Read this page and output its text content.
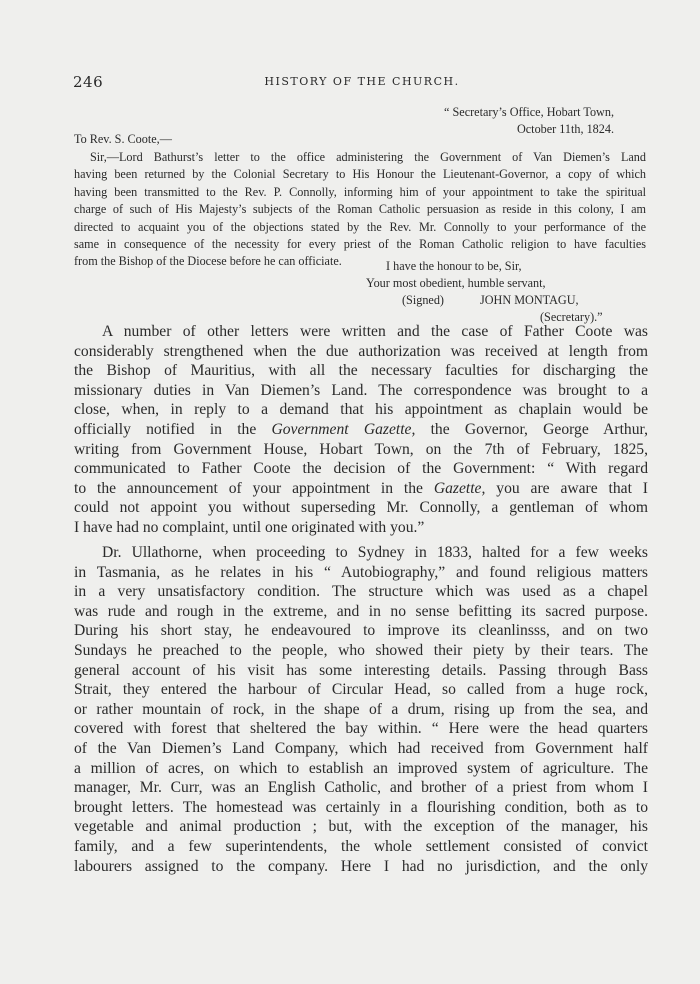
246	HISTORY OF THE CHURCH.
“ Secretary’s Office, Hobart Town,
October 11th, 1824.
To Rev. S. Coote,—
Sir,—Lord Bathurst’s letter to the office administering the Government of Van Diemen’s Land
having been returned by the Colonial Secretary to His Honour the Lieutenant-Governor, a copy of which
having been transmitted to the Rev. P. Connolly, informing him of your appointment to take the spiritual
charge of such of His Majesty’s subjects of the Roman Catholic persuasion as reside in this colony, I am
directed to acquaint you of the objections stated by the Rev. Mr. Connolly to your performance of the
same in consequence of the necessity for every priest of the Roman Catholic religion to have faculties
from the Bishop of the Diocese before he can officiate.	I have the honour to be, Sir,
Your most obedient, humble servant,
(Signed)	JOHN MONTAGU,
(Secretary).”
A number of other letters were written and the case of Father Coote was
considerably strengthened when the due authorization was received at length from
the Bishop of Mauritius, with all the necessary faculties for discharging the
missionary duties in Van Diemen’s Land. The correspondence was brought to a
close, when, in reply to a demand that his appointment as chaplain would be
officially notified in the Government Gazette, the Governor, George Arthur,
writing from Government House, Hobart Town, on the 7th of February, 1825,
communicated to Father Coote the decision of the Government: “ With regard
to the announcement of your appointment in the Gazette, you are aware that I
could not appoint you without superseding Mr. Connolly, a gentleman of whom
I have had no complaint, until one originated with you.”
Dr. Ullathorne, when proceeding to Sydney in 1833, halted for a few weeks
in Tasmania, as he relates in his “ Autobiography,” and found religious matters
in a very unsatisfactory condition. The structure which was used as a chapel
was rude and rough in the extreme, and in no sense befitting its sacred purpose.
During his short stay, he endeavoured to improve its cleanlinsss, and on two
Sundays he preached to the people, who showed their piety by their tears. The
general account of his visit has some interesting details. Passing through Bass
Strait, they entered the harbour of Circular Head, so called from a huge rock,
or rather mountain of rock, in the shape of a drum, rising up from the sea, and
covered with forest that sheltered the bay within. “ Here were the head quarters
of the Van Diemen’s Land Company, which had received from Government half
a million of acres, on which to establish an improved system of agriculture. The
manager, Mr. Curr, was an English Catholic, and brother of a priest from whom I
brought letters. The homestead was certainly in a flourishing condition, both as to
vegetable and animal production ; but, with the exception of the manager, his
family, and a few superintendents, the whole settlement consisted of convict
labourers assigned to the company. Here I had no jurisdiction, and the only
